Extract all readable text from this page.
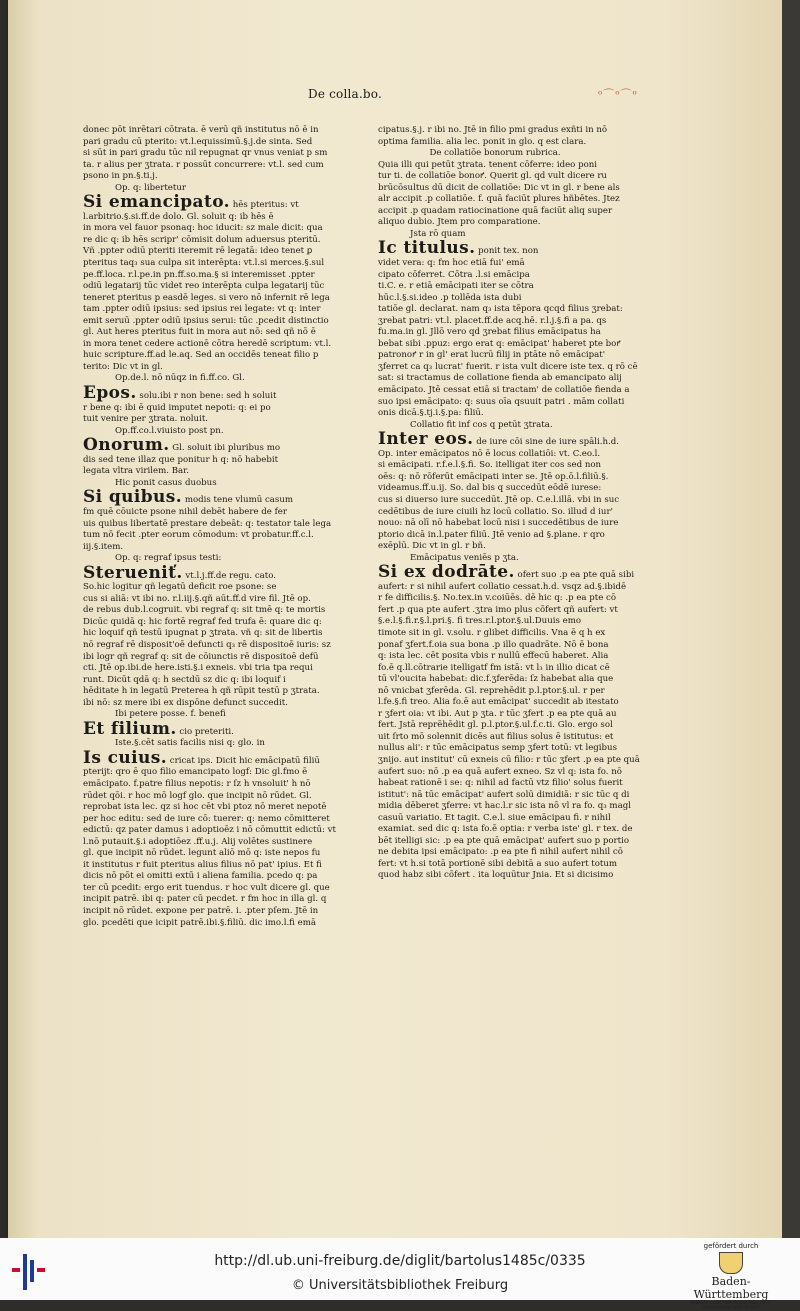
De colla.bo.	ᵒ⌒ᵒ⌒ᵒ
donec pōt inrētari cōtrata. ē verū qñ institutus nō ē in
pari gradu cū pterito: vt.l.equissimū.§.j.de sinta. Sed
si sūt in pari gradu tūc nil repugnat qr vnus veniat p sm
ta. r alius per ʒtrata. r possūt concurrere: vt.l. sed cum
psono in pn.§.ti.j.
Op. q: libertetur
Si emancipato. hēs pteritus: vt
l.arbitrio.§.si.ff.de dolo. Gl. soluit q: ib hēs ē
in mora vel fauor psonaq: hoc iducit: sz male dicit: qua
re dic q: ib hēs scripr' cōmisit dolum aduersus pteritū.
Vñ .ppter odiū pteriti iteremit rē legatā: ideo tenet ꝑ
pteritus taq₃ sua culpa sit interēpta: vt.l.si merces.§.sul
pe.ff.loca. r.l.pe.in pn.ff.so.ma.§ si interemisset .ppter
odiū legatarij tūc videt reo interēpta culpa legatarij tūc
teneret pteritus p easdē leges. si vero nō infernit rē lega
tam .ppter odiū ipsius: sed ipsius rei legate: vt q: inter
emit seruū .ppter odiū ipsius serui: tūc .pcedit distinctio
gl. Aut heres pteritus fuit in mora aut nō: sed qñ nō ē
in mora tenet cedere actionē cōtra heredē scriptum: vt.l.
huic scripture.ff.ad le.aq. Sed an occidēs teneat filio p
terito: Dic vt in gl.
Op.de.l. nō nūqz in fi.ff.co. Gl.
Epos. solu.ibi r non bene: sed h soluit
r bene q: ibi ē quid imputet nepoti: q: ei po
tuit venire per ʒtrata. noluit.
Op.ff.co.l.viuisto post pn.
Onorum. Gl. soluit ibi pluribus mo
dis sed tene illaz que ponitur h q: nō habebit
legata vltra virilem. Bar.
Hic ponit casus duobus
Si quibus. modis tene vlumū casum
fm quē cōuicte psone nihil debēt habere de fer
uis quibus libertatē prestare debeāt: q: testator tale lega
tum nō fecit .pter eorum cōmodum: vt probatur.ff.c.l.
iij.§.item.
Op. q: regraf ipsus testi:
Sterueniť. vt.l.j.ff.de regu. cato.
So.hic logitur qñ legatū deficit roe psone: se
cus si aliā: vt ibi no. r.l.iij.§.qñ aūt.ff.d vire fil. Jtē op.
de rebus dub.l.cogruit. vbi regraf q: sit tmē q: te mortis
Dicūc quidā q: hic fortē regraf fed trufa ē: quare dic q:
hic loquif qñ testū ipugnat p ʒtrata. vñ q: sit de libertis
nō regraf rē disposit'oē defuncti q₃ rē dispositoē iuris: sz
ibi logr qñ regraf q: sit de cōiunctis rē dispositoē defū
cti. Jtē op.ibi.de here.isti.§.i exneis. vbi tria tpa requi
runt. Dicūt qdā q: h sectdū sz dic q: ibi loquif i
hēditate h in legatū Preterea h qñ rūpit testū p ʒtrata.
ibi nō: sz mere ibi ex dispōne defunct succedit.
Ibi petere posse. f. benefi
Et filium. cio preteriti.
Iste.§.cēt satis facilis nisi q: glo. in
Is cuius. cricat ips. Dicit hic emācipatū filiū
pterijt: qro ē quo filio emancipato logf: Dic gl.fmo ē
emācipato. f.patre filius nepotis: r ſz h vnsoluit' h nō
rūdet qōi. r hoc mō logf glo. que incipit nō rūdet. Gl.
reprobat ista lec. qz si hoc cēt vbi ptoz nō meret nepotē
per hoc editu: sed de iure cō: tuerer: q: nemo cōmitteret
edictū: qz pater damus i adoptioēz i nō cōmuttit edictū: vt
l.nō putauit.§.i adoptiōez .ff.u.j. Alij volētes sustinere
gl. que incipit nō rūdet. legunt aliō mō q: iste nepos fu
it institutus r fuit pteritus alius filius nō pat' ipius. Et fi
dicis nō pōt ei omitti extū i aliena familia. pcedo q: pa
ter cū pcedit: ergo erit tuendus. r hoc vult dicere gl. que
incipit patrē. ibi q: pater cū pecdet. r fm hoc in illa gl. q
incipit nō rūdet. expone per patrē. i. .pter pſem. Jtē in
glo. pcedēti que icipit patrē.ibi.§.filiū. dic imo.l.fi emā
cipatus.§.j. r ibi no. Jtē in filio pmi gradus exñti in nō
optima familia. alia lec. ponit in glo. q est clara.
De collatiōe bonorum rubrica.
Quia illi qui petūt ʒtrata. tenent cōferre: ideo poni
tur ti. de collatiōe bonoꝵ. Querit gl. qd vult dicere ru
brūcōsultus dū dicit de collatiōe: Dic vt in gl. r bene als
alr accipit .p collatiōe. f. quā faciūt plures hñbētes. Jtez
accipit .p quadam ratiocinatione quā faciūt aliq super
aliquo dubio. Jtem pro comparatione.
Jsta rō quam
Ic titulus. ponit tex. non
videt vera: q: fm hoc etiā fui' emā
cipato cōferret. Cōtra .l.si emācipa
ti.C. e. r etiā emācipati iter se cōtra
hūc.l.§.si.ideo .p tollēda ista dubi
tatiōe gl. declarat. nam q₃ ista tēpora qcqd filius ʒrebat:
ʒrebat patri: vt.l. placet.ff.de acq.hē. r.l.j.§.fi a pa. qs
fu.ma.in gl. Jllō vero qd ʒrebat filius emācipatus ha
bebat sibi .ppuz: ergo erat q: emācipat' haberet pte boꝵ
patronoꝵ r in gl' erat lucrū filij in ptāte nō emācipat'
ʒferret ca q₃ lucrat' fuerit. r ista vult dicere iste tex. q rō cē
sat: si tractamus de collatione fienda ab emancipato alij
emācipato. Jtē cessat etiā si tractam' de collatiōe fienda a
suo ipsi emācipato: q: suus oīa qsuuit patri . mām collati
onis dicā.§.tj.i.§.pa: filiū.
Collatio fit inf cos q petūt ʒtrata.
Inter eos. de iure cōi sine de iure spāli.h.d.
Op. inter emācipatos nō ē locus collatiōi: vt. C.eo.l.
si emācipati. r.f.e.l.§.fi. So. itelligat iter cos sed non
oēs: q: nō rōferūt emācipati inter se. Jtē op.ō.l.filiū.§.
videamus.ff.u.ij. So. dal bis q succedūt eōdē iurese:
cus si diuerso iure succedūt. Jtē op. C.e.l.illā. vbi in suc
cedētibus de iure ciuili hz locū collatio. So. illud d iur'
nouo: nā olī nō habebat locū nisi i succedētibus de iure
ptorio dicā in.l.pater filiū. Jtē venio ad §.plane. r qro
exēplū. Dic vt in gl. r bñ.
Emācipatus veniēs p ʒta.
Si ex dodrāte. ofert suo .p ea pte quā sibi
aufert: r si nihil aufert collatio cessat.h.d. vsqz ad.§.ibidē
r fe difficilis.§. No.tex.in v.coiūēs. dē hic q: .p ea pte cō
fert .p qua pte aufert .ʒtra imo plus cōfert qñ aufert: vt
§.e.l.§.fi.r.§.l.pri.§. fi tres.r.l.ptor.§.ul.Duuis emo
timote sit in gl. v.solu. r glibet difficilis. Vna ē q h ex
ponaf ʒfert.f.oia sua bona .p illo quadrāte. Nō ē bona
q: ista lec. cēt posita vbis r nullū effecū haberet. Alia
fo.ē q.ll.cōtrarie itelligatf fm istā: vt l₃ in illio dicat cē
tū vl'oucita habebat: dic.f.ʒferēda: ſz habebat alia que
nō vnicbat ʒferēda. Gl. reprehēdit p.l.ptor.§.ul. r per
l.fe.§.fi treo. Alia fo.ē aut emācipat' succedit ab itestato
r ʒfert oia: vt ibi. Aut p ʒta. r tūc ʒfert .p ea pte quā au
fert. Jstā reprēhēdit gl. p.l.ptor.§.ul.f.c.ti. Glo. ergo sol
uit ſrto mō solennit dicēs aut filius solus ē istitutus: et
nullus ali': r tūc emācipatus semp ʒfert totū: vt legibus
ʒnijo. aut institut' cū exneis cū filio: r tūc ʒfert .p ea pte quā
aufert suo: nō .p ea quā aufert exneo. Sz vl q: ista fo. nō
habeat rationē i se: q: nihil ad factū vtz filio' solus fuerit
istitut': nā tūc emācipat' aufert solū dimidiā: r sic tūc q di
midia dēberet ʒferre: vt hac.l.r sic ista nō vl ra fo. q₃ magl
casuū variatio. Et tagit. C.e.l. siue emācipau fi. r nihil
examiat. sed dic q: ista fo.ē optia: r verba iste' gl. r tex. de
bēt itelligi sic: .p ea pte quā emācipat' aufert suo p portio
ne debita ipsi emācipato: .p ea pte fi nihil aufert nihil cō
fert: vt h.si totā portionē sibi debitā a suo aufert totum
quod habz sibi cōfert . ita loquūtur Jnia. Et si dicisimo
http://dl.ub.uni-freiburg.de/diglit/bartolus1485c/0335
© Universitätsbibliothek Freiburg
gefördert durch
Baden-Württemberg
MINISTERIUM FÜR WISSENSCHAFT, FORSCHUNG UND KUNST
